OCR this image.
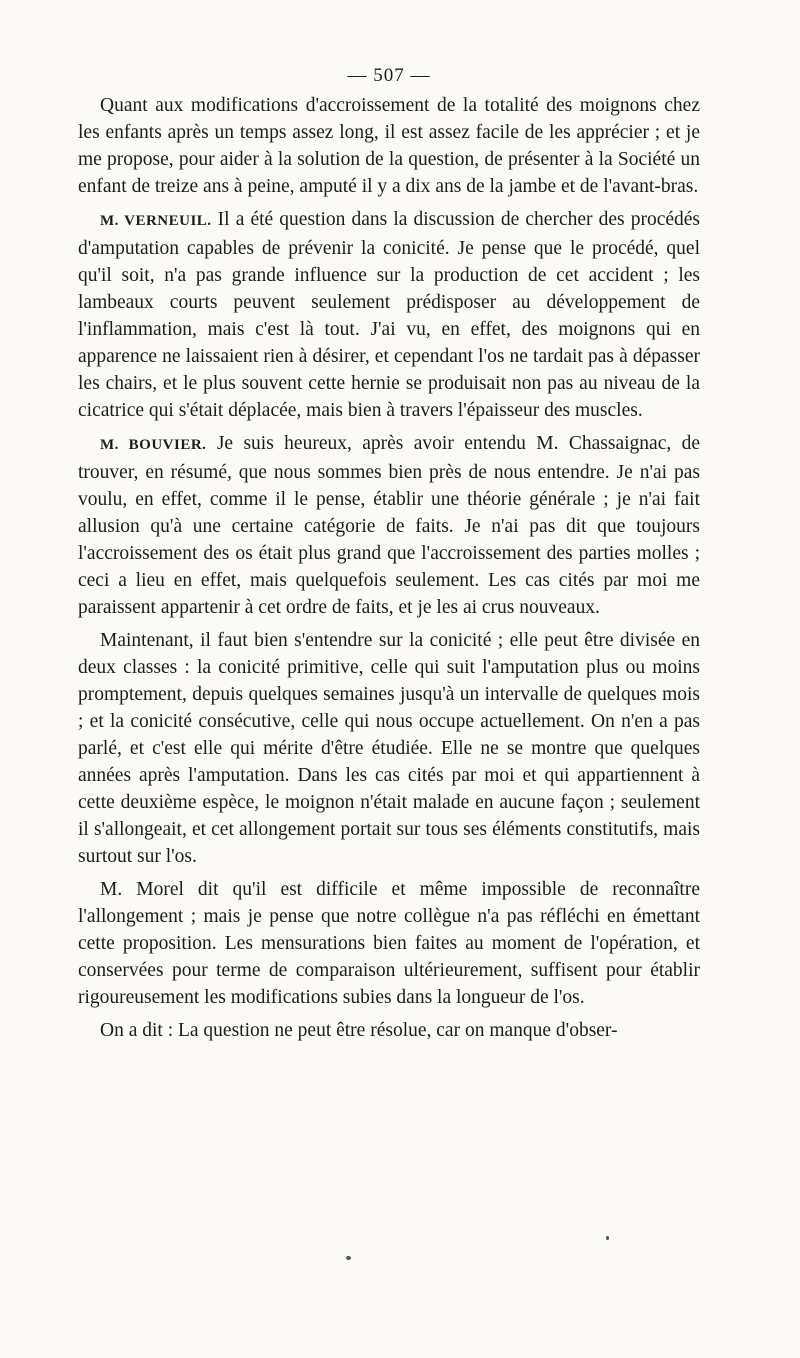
— 507 —

Quant aux modifications d'accroissement de la totalité des moignons chez les enfants après un temps assez long, il est assez facile de les apprécier ; et je me propose, pour aider à la solution de la question, de présenter à la Société un enfant de treize ans à peine, amputé il y a dix ans de la jambe et de l'avant-bras.

M. VERNEUIL. Il a été question dans la discussion de chercher des procédés d'amputation capables de prévenir la conicité. Je pense que le procédé, quel qu'il soit, n'a pas grande influence sur la production de cet accident ; les lambeaux courts peuvent seulement prédisposer au développement de l'inflammation, mais c'est là tout. J'ai vu, en effet, des moignons qui en apparence ne laissaient rien à désirer, et cependant l'os ne tardait pas à dépasser les chairs, et le plus souvent cette hernie se produisait non pas au niveau de la cicatrice qui s'était déplacée, mais bien à travers l'épaisseur des muscles.

M. BOUVIER. Je suis heureux, après avoir entendu M. Chassaignac, de trouver, en résumé, que nous sommes bien près de nous entendre. Je n'ai pas voulu, en effet, comme il le pense, établir une théorie générale ; je n'ai fait allusion qu'à une certaine catégorie de faits. Je n'ai pas dit que toujours l'accroissement des os était plus grand que l'accroissement des parties molles ; ceci a lieu en effet, mais quelquefois seulement. Les cas cités par moi me paraissent appartenir à cet ordre de faits, et je les ai crus nouveaux.

Maintenant, il faut bien s'entendre sur la conicité ; elle peut être divisée en deux classes : la conicité primitive, celle qui suit l'amputation plus ou moins promptement, depuis quelques semaines jusqu'à un intervalle de quelques mois ; et la conicité consécutive, celle qui nous occupe actuellement. On n'en a pas parlé, et c'est elle qui mérite d'être étudiée. Elle ne se montre que quelques années après l'amputation. Dans les cas cités par moi et qui appartiennent à cette deuxième espèce, le moignon n'était malade en aucune façon ; seulement il s'allongeait, et cet allongement portait sur tous ses éléments constitutifs, mais surtout sur l'os.

M. Morel dit qu'il est difficile et même impossible de reconnaître l'allongement ; mais je pense que notre collègue n'a pas réfléchi en émettant cette proposition. Les mensurations bien faites au moment de l'opération, et conservées pour terme de comparaison ultérieurement, suffisent pour établir rigoureusement les modifications subies dans la longueur de l'os.

On a dit : La question ne peut être résolue, car on manque d'obser-
